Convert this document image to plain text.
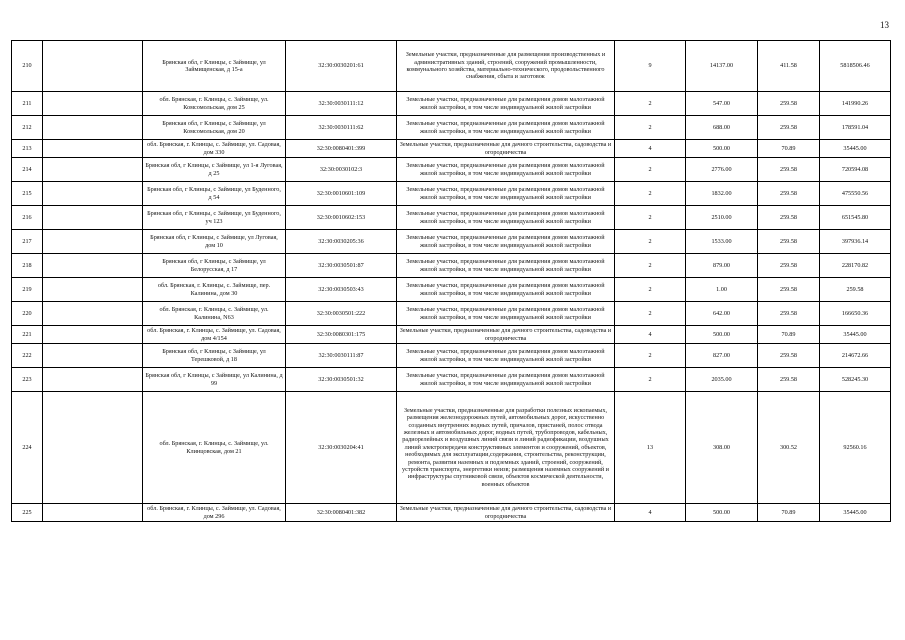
13
210		Брянская обл, г Клинцы, с Займище, ул Займищенская, д 15-а	32:30:0030201:61	Земельные участки, предназначенные для размещения производственных и административных зданий, строений, сооружений промышленности, коммунального хозяйства, материально-технического, продовольственного снабжения, сбыта и заготовок	9	14137.00	411.58	5818506.46
211		обл. Брянская, г. Клинцы, с. Займище, ул. Комсомольская, дом 25	32:30:0030111:12	Земельные участки, предназначенные для размещения домов малоэтажной жилой застройки, в том числе индивидуальной жилой застройки	2	547.00	259.58	141990.26
212		Брянская обл, г Клинцы, с Займище, ул Комсомольская, дом 20	32:30:0030111:62	Земельные участки, предназначенные для размещения домов малоэтажной жилой застройки, в том числе индивидуальной жилой застройки	2	688.00	259.58	178591.04
213		обл. Брянская, г. Клинцы, с. Займище, ул. Садовая, дом 330	32:30:0080401:399	Земельные участки, предназначенные для дачного строительства, садоводства и огородничества	4	500.00	70.89	35445.00
214		Брянская обл, г Клинцы, с Займище, ул 1-я Луговая, д 25	32:30:0030102:3	Земельные участки, предназначенные для размещения домов малоэтажной жилой застройки, в том числе индивидуальной жилой застройки	2	2776.00	259.58	720594.08
215		Брянская обл, г Клинцы, с Займище, ул Буденного, д 54	32:30:0010601:109	Земельные участки, предназначенные для размещения домов малоэтажной жилой застройки, в том числе индивидуальной жилой застройки	2	1832.00	259.58	475550.56
216		Брянская обл, г Клинцы, с Займище, ул Буденного, уч 123	32:30:0010602:153	Земельные участки, предназначенные для размещения домов малоэтажной жилой застройки, в том числе индивидуальной жилой застройки	2	2510.00	259.58	651545.80
217		Брянская обл, г Клинцы, с Займище, ул Луговая, дом 10	32:30:0030205:36	Земельные участки, предназначенные для размещения домов малоэтажной жилой застройки, в том числе индивидуальной жилой застройки	2	1533.00	259.58	397936.14
218		Брянская обл, г Клинцы, с Займище, ул Белорусская, д 17	32:30:0030501:87	Земельные участки, предназначенные для размещения домов малоэтажной жилой застройки, в том числе индивидуальной жилой застройки	2	879.00	259.58	228170.82
219		обл. Брянская, г. Клинцы, с. Займище, пер. Калинина, дом 30	32:30:0030503:43	Земельные участки, предназначенные для размещения домов малоэтажной жилой застройки, в том числе индивидуальной жилой застройки	2	1.00	259.58	259.58
220		обл. Брянская, г. Клинцы, с. Займище, ул. Калинина, N63	32:30:0030501:222	Земельные участки, предназначенные для размещения домов малоэтажной жилой застройки, в том числе индивидуальной жилой застройки	2	642.00	259.58	166650.36
221		обл. Брянская, г. Клинцы, с. Займище, ул. Садовая, дом 4/154	32:30:0080301:175	Земельные участки, предназначенные для дачного строительства, садоводства и огородничества	4	500.00	70.89	35445.00
222		Брянская обл, г Клинцы, с Займище, ул Терешковой, д 18	32:30:0030111:87	Земельные участки, предназначенные для размещения домов малоэтажной жилой застройки, в том числе индивидуальной жилой застройки	2	827.00	259.58	214672.66
223		Брянская обл, г Клинцы, с Займище, ул Калинина, д 99	32:30:0030501:32	Земельные участки, предназначенные для размещения домов малоэтажной жилой застройки, в том числе индивидуальной жилой застройки	2	2035.00	259.58	528245.30
224		обл. Брянская, г. Клинцы, с. Займище, ул. Клинцовская, дом 21	32:30:0030204:41	Земельные участки, предназначенные для разработки полезных ископаемых, размещения железнодорожных путей, автомобильных дорог, искусственно созданных внутренних водных путей, причалов, пристаней, полос отвода железных и автомобильных дорог, водных путей, трубопроводов, кабельных, радиорелейных и воздушных линий связи и линий радиофикации, воздушных линий электропередачи конструктивных элементов и сооружений, объектов, необходимых для эксплуатации,содержания, строительства, реконструкции, ремонта, развития наземных и подземных зданий, строений, сооружений, устройств транспорта, энергетики неизв; размещения наземных сооружений и инфраструктуры спутниковой связи, объектов космической деятельности, военных объектов	13	308.00	300.52	92560.16
225		обл. Брянская, г. Клинцы, с. Займище, ул. Садовая, дом 296	32:30:0080401:382	Земельные участки, предназначенные для дачного строительства, садоводства и огородничества	4	500.00	70.89	35445.00
